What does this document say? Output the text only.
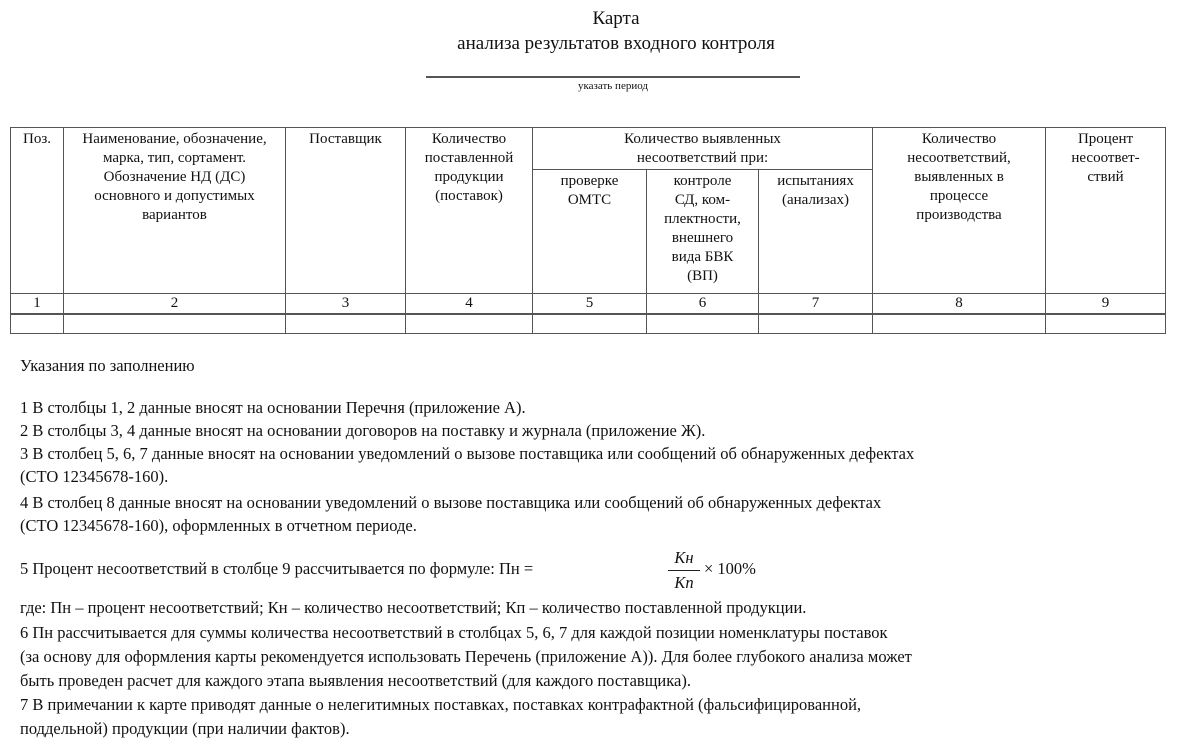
Карта
анализа результатов входного контроля
указать период
Поз.	Наименование, обозначение, марка, тип, сортамент. Обозначение НД (ДС) основного и допустимых вариантов	Поставщик	Количество поставленной продукции (поставок)	Количество выявленных несоответствий при:			Количество несоответствий, выявленных в процессе производства	Процент несоответ-ствий
				проверке ОМТС	контроле СД, ком-плектности, внешнего вида БВК (ВП)	испытаниях (анализах)		
1	2	3	4	5	6	7	8	9

Указания по заполнению
1 В столбцы 1, 2 данные вносят на основании Перечня (приложение А).
2 В столбцы 3, 4 данные вносят на основании договоров на поставку и журнала (приложение Ж).
3 В столбец 5, 6, 7 данные вносят на основании уведомлений о вызове поставщика или сообщений об обнаруженных дефектах
(СТО 12345678-160).
4 В столбец 8 данные вносят на основании уведомлений о вызове поставщика или сообщений об обнаруженных дефектах
(СТО 12345678-160), оформленных в отчетном периоде.
5 Процент несоответствий в столбце 9 рассчитывается по формуле: Пн =
Кн
Кп
× 100%
где: Пн – процент несоответствий; Кн – количество несоответствий; Кп – количество поставленной продукции.
6 Пн рассчитывается для суммы количества несоответствий в столбцах 5, 6, 7 для каждой позиции номенклатуры поставок
(за основу для оформления карты рекомендуется использовать Перечень (приложение А)). Для более глубокого анализа может
быть проведен расчет для каждого этапа выявления несоответствий (для каждого поставщика).
7 В примечании к карте приводят данные о нелегитимных поставках, поставках контрафактной (фальсифицированной,
поддельной) продукции (при наличии фактов).
